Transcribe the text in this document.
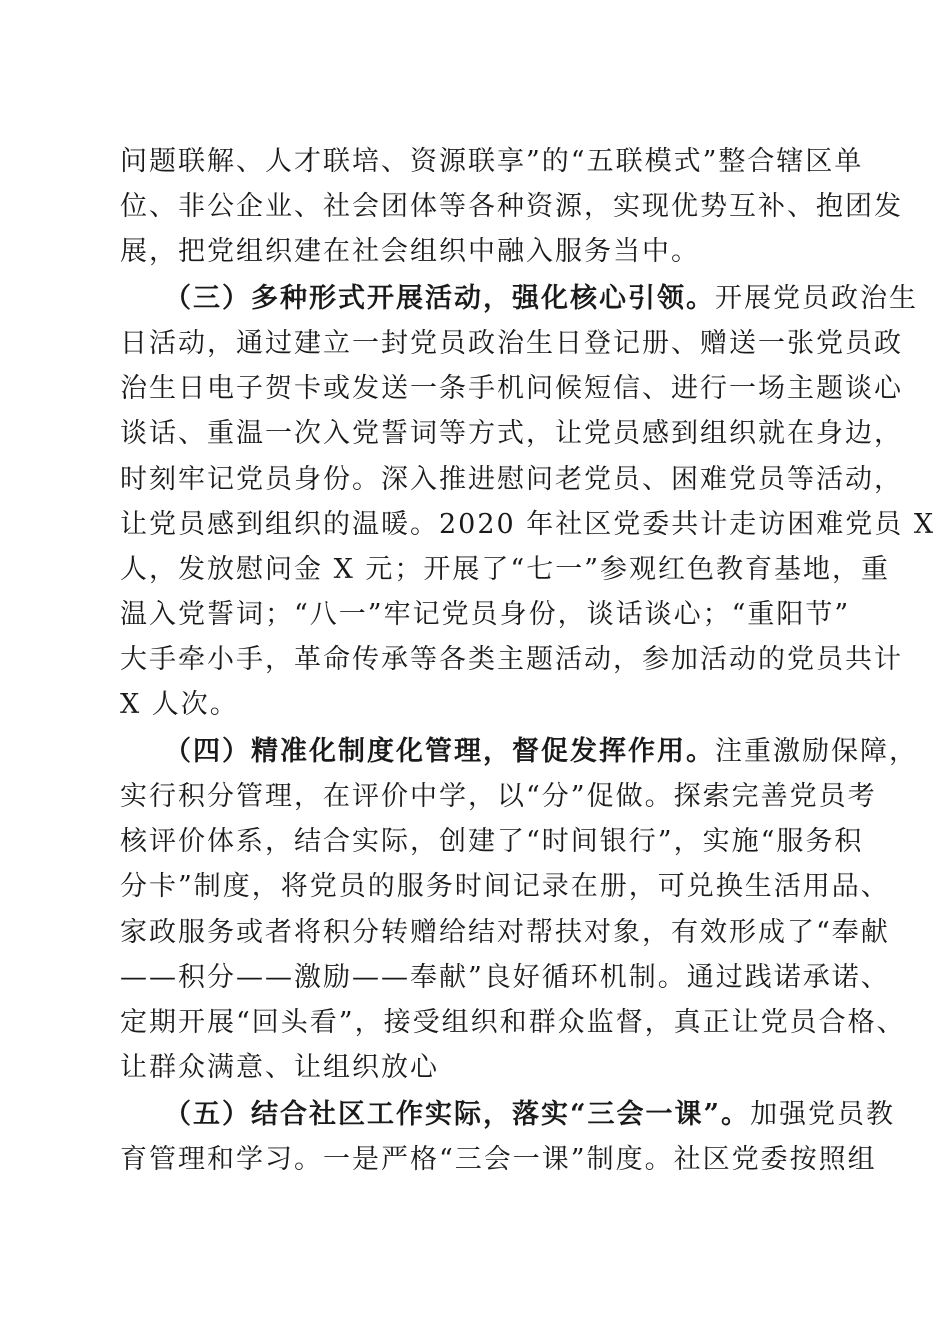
问题联解、人才联培、资源联享”的“五联模式”整合辖区单

位、非公企业、社会团体等各种资源，实现优势互补、抱团发

展，把党组织建在社会组织中融入服务当中。

（三）多种形式开展活动，强化核心引领。开展党员政治生

日活动，通过建立一封党员政治生日登记册、赠送一张党员政

治生日电子贺卡或发送一条手机问候短信、进行一场主题谈心

谈话、重温一次入党誓词等方式，让党员感到组织就在身边，

时刻牢记党员身份。深入推进慰问老党员、困难党员等活动，

让党员感到组织的温暖。2020 年社区党委共计走访困难党员 X

人，发放慰问金 X 元；开展了“七一”参观红色教育基地，重

温入党誓词；“八一”牢记党员身份，谈话谈心；“重阳节”

大手牵小手，革命传承等各类主题活动，参加活动的党员共计

X 人次。

（四）精准化制度化管理，督促发挥作用。注重激励保障，

实行积分管理，在评价中学，以“分”促做。探索完善党员考

核评价体系，结合实际，创建了“时间银行”，实施“服务积

分卡”制度，将党员的服务时间记录在册，可兑换生活用品、

家政服务或者将积分转赠给结对帮扶对象，有效形成了“奉献

——积分——激励——奉献”良好循环机制。通过践诺承诺、

定期开展“回头看”，接受组织和群众监督，真正让党员合格、

让群众满意、让组织放心

（五）结合社区工作实际，落实“三会一课”。加强党员教

育管理和学习。一是严格“三会一课”制度。社区党委按照组
